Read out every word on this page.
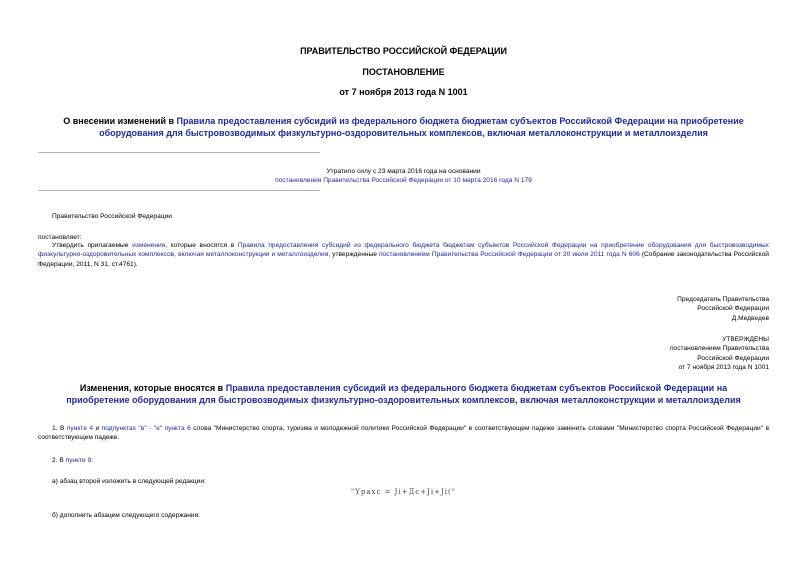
ПРАВИТЕЛЬСТВО РОССИЙСКОЙ ФЕДЕРАЦИИ
ПОСТАНОВЛЕНИЕ
от 7 ноября 2013 года N 1001
О внесении изменений в Правила предоставления субсидий из федерального бюджета бюджетам субъектов Российской Федерации на приобретение оборудования для быстровозводимых физкультурно-оздоровительных комплексов, включая металлоконструкции и металлоизделия
Утратило силу с 23 марта 2016 года на основании
постановления Правительства Российской Федерации от 10 марта 2016 года N 179
Правительство Российской Федерации
постановляет:
Утвердить прилагаемые изменения, которые вносятся в Правила предоставления субсидий из федерального бюджета бюджетам субъектов Российской Федерации на приобретение оборудования для быстровозводимых физкультурно-оздоровительных комплексов, включая металлоконструкции и металлоизделия, утвержденные постановлением Правительства Российской Федерации от 20 июля 2011 года N 606 (Собрание законодательства Российской Федерации, 2011, N 31, ст.4761).
Председатель Правительства
Российской Федерации
Д.Медведев
УТВЕРЖДЕНЫ
постановлением Правительства
Российской Федерации
от 7 ноября 2013 года N 1001
Изменения, которые вносятся в Правила предоставления субсидий из федерального бюджета бюджетам субъектов Российской Федерации на приобретение оборудования для быстровозводимых физкультурно-оздоровительных комплексов, включая металлоконструкции и металлоизделия
1. В пункте 4 и подпунктах "в" - "е" пункта 6 слова "Министерство спорта, туризма и молодежной политики Российской Федерации" в соответствующем падеже заменить словами "Министерство спорта Российской Федерации" в соответствующем падеже.
2. В пункте 9:
а) абзац второй изложить в следующей редакции:
"Ypaxc = Ji+Дc+Ji+Ji("
б) дополнить абзацем следующего содержания:
